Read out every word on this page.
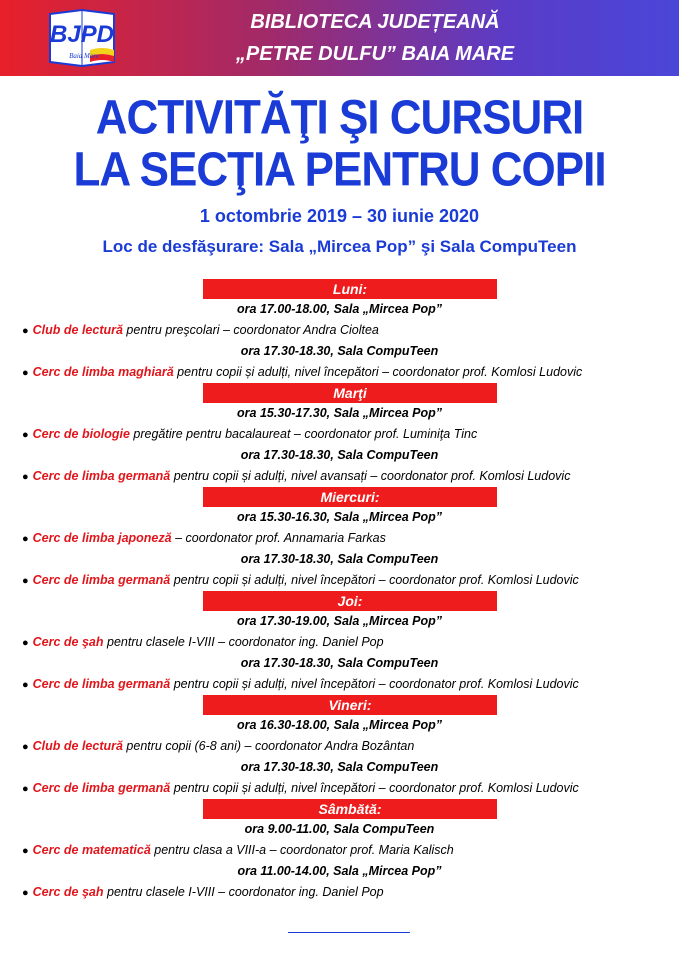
BJPD
Baia Mare
BIBLIOTECA JUDEȚEANĂ
„PETRE DULFU” BAIA MARE
ACTIVITĂŢI ŞI CURSURI
LA SECŢIA PENTRU COPII
1 octombrie 2019 – 30 iunie 2020
Loc de desfăşurare: Sala „Mircea Pop” şi Sala CompuTeen
Luni:
ora 17.00-18.00, Sala „Mircea Pop”
● Club de lectură pentru preşcolari – coordonator Andra Cioltea
ora 17.30-18.30, Sala CompuTeen
● Cerc de limba maghiară pentru copii și adulți, nivel începători – coordonator prof. Komlosi Ludovic
Marţi
ora 15.30-17.30, Sala „Mircea Pop”
● Cerc de biologie pregătire pentru bacalaureat – coordonator prof. Luminiţa Tinc
ora 17.30-18.30, Sala CompuTeen
● Cerc de limba germană pentru copii și adulți, nivel avansați – coordonator prof. Komlosi Ludovic
Miercuri:
ora 15.30-16.30, Sala „Mircea Pop”
● Cerc de limba japoneză – coordonator prof. Annamaria Farkas
ora 17.30-18.30, Sala CompuTeen
● Cerc de limba germană pentru copii și adulți, nivel începători – coordonator prof. Komlosi Ludovic
Joi:
ora 17.30-19.00, Sala „Mircea Pop”
● Cerc de şah pentru clasele I-VIII – coordonator ing. Daniel Pop
ora 17.30-18.30, Sala CompuTeen
● Cerc de limba germană pentru copii și adulți, nivel începători – coordonator prof. Komlosi Ludovic
Vineri:
ora 16.30-18.00, Sala „Mircea Pop”
● Club de lectură pentru copii (6-8 ani) – coordonator Andra Bozântan
ora 17.30-18.30, Sala CompuTeen
● Cerc de limba germană pentru copii și adulți, nivel începători – coordonator prof. Komlosi Ludovic
Sâmbătă:
ora 9.00-11.00, Sala CompuTeen
● Cerc de matematică pentru clasa a VIII-a – coordonator prof. Maria Kalisch
ora 11.00-14.00, Sala „Mircea Pop”
● Cerc de şah pentru clasele I-VIII – coordonator ing. Daniel Pop
